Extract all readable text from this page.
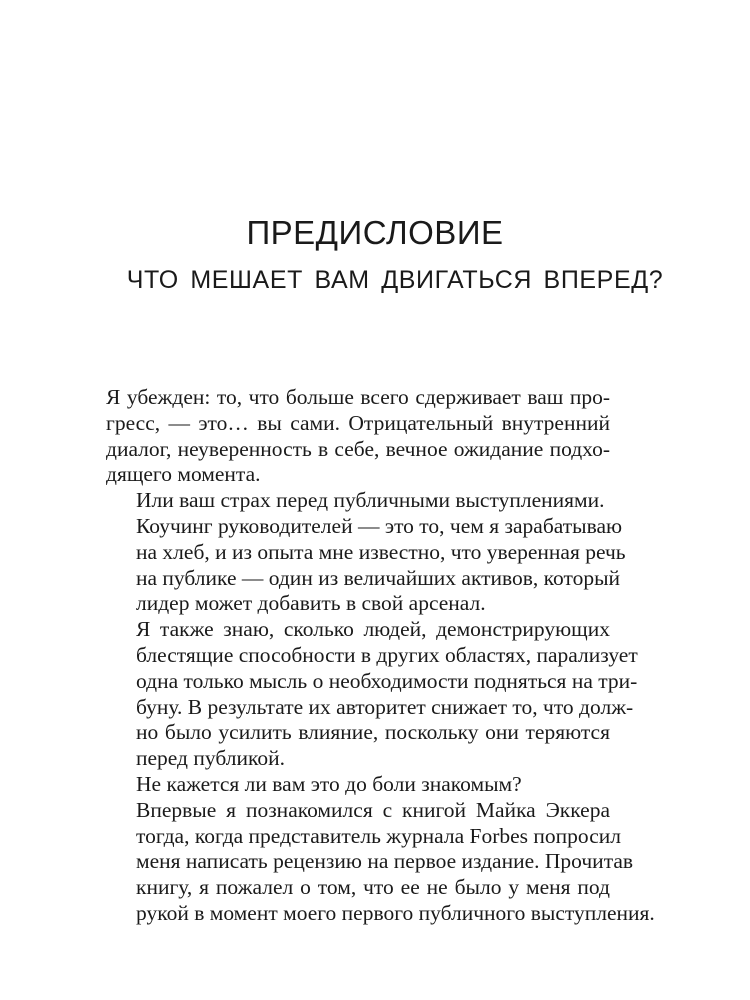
ПРЕДИСЛОВИЕ
ЧТО МЕШАЕТ ВАМ ДВИГАТЬСЯ ВПЕРЕД?

Я убежден: то, что больше всего сдерживает ваш про-
гресс, — это… вы сами. Отрицательный внутренний
диалог, неуверенность в себе, вечное ожидание подхо-
дящего момента.

Или ваш страх перед публичными выступлениями.

Коучинг руководителей — это то, чем я зарабатываю
на хлеб, и из опыта мне известно, что уверенная речь
на публике — один из величайших активов, который
лидер может добавить в свой арсенал.

Я также знаю, сколько людей, демонстрирующих
блестящие способности в других областях, парализует
одна только мысль о необходимости подняться на три-
буну. В результате их авторитет снижает то, что долж-
но было усилить влияние, поскольку они теряются
перед публикой.

Не кажется ли вам это до боли знакомым?

Впервые я познакомился с книгой Майка Эккера
тогда, когда представитель журнала Forbes попросил
меня написать рецензию на первое издание. Прочитав
книгу, я пожалел о том, что ее не было у меня под
рукой в момент моего первого публичного выступления.
